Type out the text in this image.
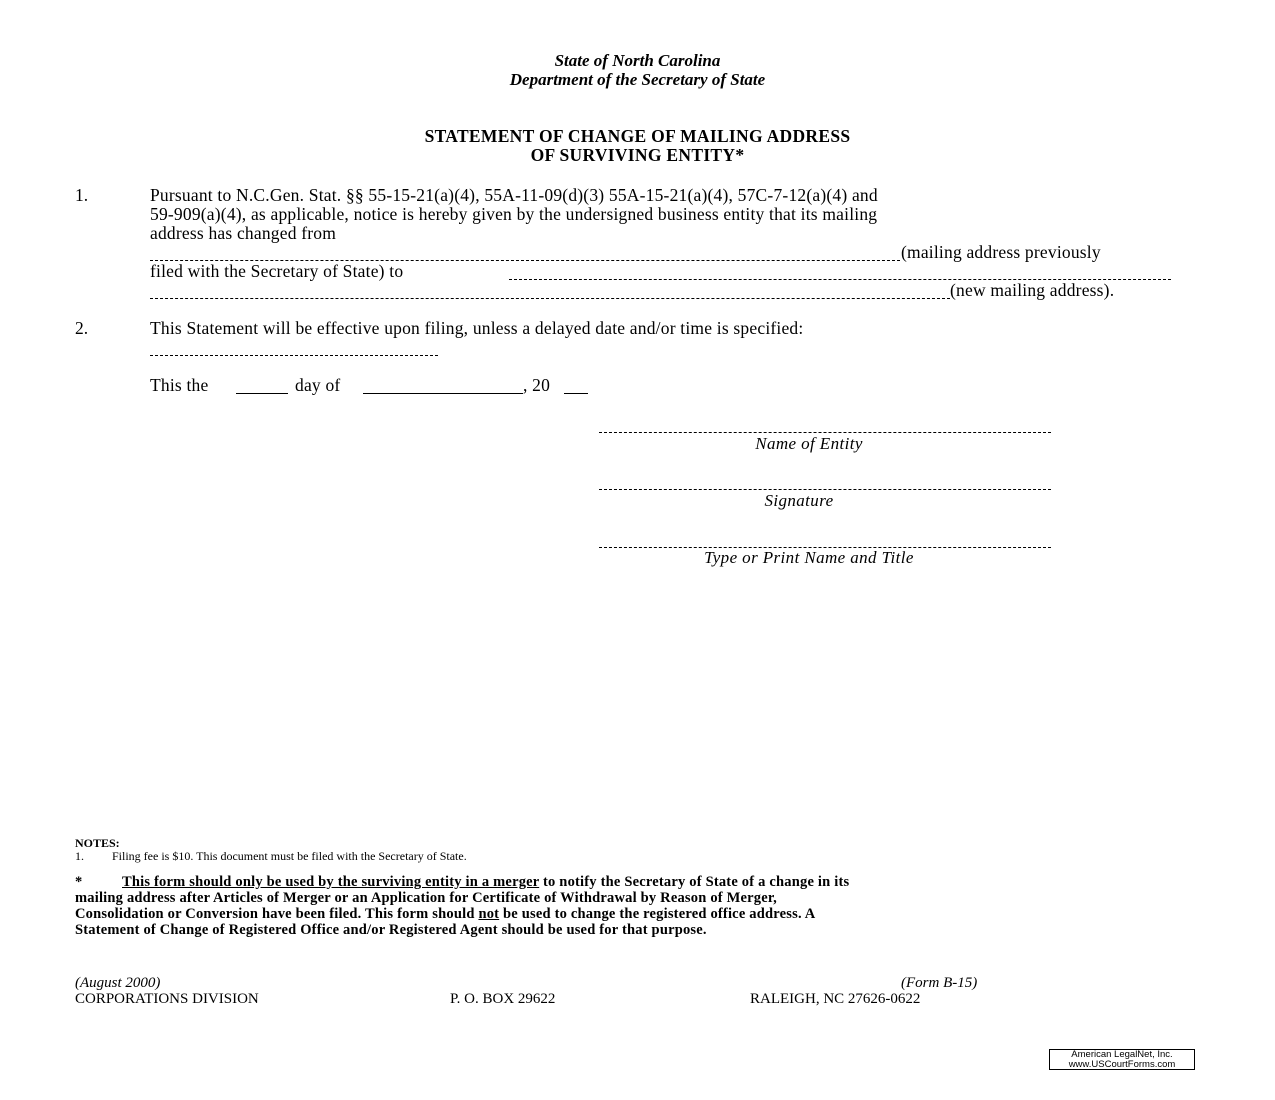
State of North Carolina
Department of the Secretary of State
STATEMENT OF CHANGE OF MAILING ADDRESS
OF SURVIVING ENTITY*
1.	Pursuant to N.C.Gen. Stat. §§ 55-15-21(a)(4), 55A-11-09(d)(3) 55A-15-21(a)(4), 57C-7-12(a)(4) and
59-909(a)(4), as applicable, notice is hereby given by the undersigned business entity that its mailing
address has changed from
(mailing address previously
filed with the Secretary of State) to
(new mailing address).
2.	This Statement will be effective upon filing, unless a delayed date and/or time is specified:
This the	day of	, 20
Name of Entity
Signature
Type or Print Name and Title
NOTES:
1. Filing fee is $10. This document must be filed with the Secretary of State.
*	This form should only be used by the surviving entity in a merger to notify the Secretary of State of a change in its
mailing address after Articles of Merger or an Application for Certificate of Withdrawal by Reason of Merger,
Consolidation or Conversion have been filed. This form should not be used to change the registered office address. A
Statement of Change of Registered Office and/or Registered Agent should be used for that purpose.
(August 2000)	(Form B-15)
CORPORATIONS DIVISION	P. O. BOX 29622	RALEIGH, NC 27626-0622
American LegalNet, Inc.
www.USCourtForms.com
